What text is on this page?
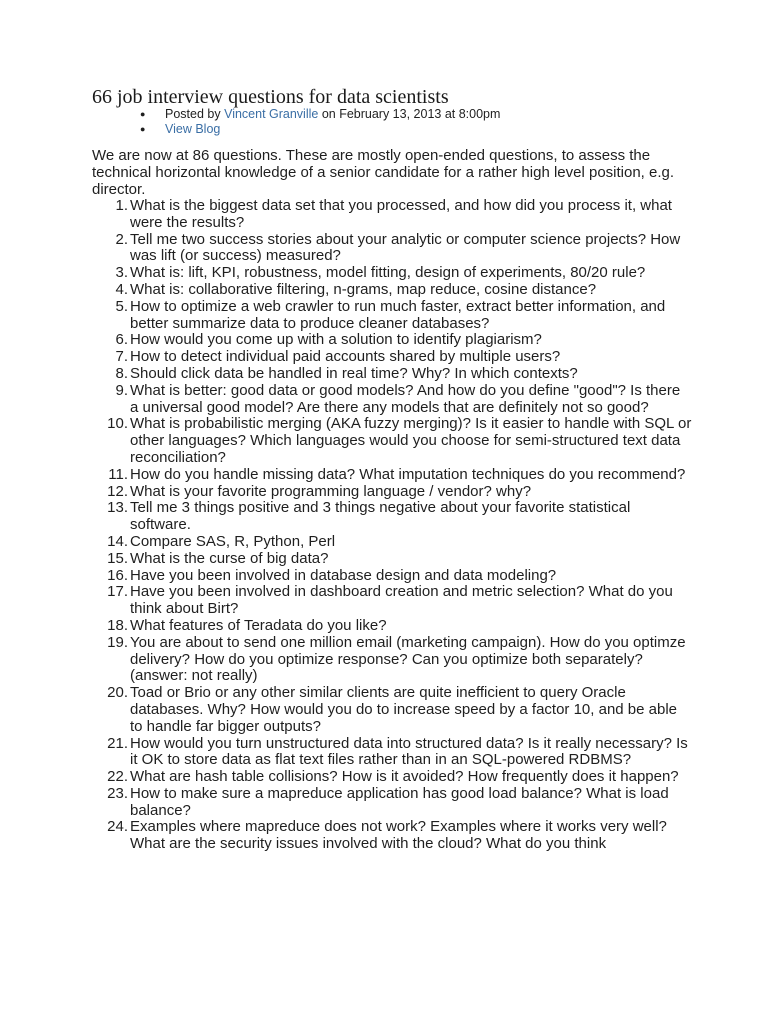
66 job interview questions for data scientists
● Posted by Vincent Granville on February 13, 2013 at 8:00pm
● View Blog

We are now at 86 questions. These are mostly open-ended questions, to assess the technical horizontal knowledge of a senior candidate for a rather high level position, e.g. director.

1. What is the biggest data set that you processed, and how did you process it, what were the results?
2. Tell me two success stories about your analytic or computer science projects? How was lift (or success) measured?
3. What is: lift, KPI, robustness, model fitting, design of experiments, 80/20 rule?
4. What is: collaborative filtering, n-grams, map reduce, cosine distance?
5. How to optimize a web crawler to run much faster, extract better information, and better summarize data to produce cleaner databases?
6. How would you come up with a solution to identify plagiarism?
7. How to detect individual paid accounts shared by multiple users?
8. Should click data be handled in real time? Why? In which contexts?
9. What is better: good data or good models? And how do you define "good"? Is there a universal good model? Are there any models that are definitely not so good?
10. What is probabilistic merging (AKA fuzzy merging)? Is it easier to handle with SQL or other languages? Which languages would you choose for semi-structured text data reconciliation?
11. How do you handle missing data? What imputation techniques do you recommend?
12. What is your favorite programming language / vendor? why?
13. Tell me 3 things positive and 3 things negative about your favorite statistical software.
14. Compare SAS, R, Python, Perl
15. What is the curse of big data?
16. Have you been involved in database design and data modeling?
17. Have you been involved in dashboard creation and metric selection? What do you think about Birt?
18. What features of Teradata do you like?
19. You are about to send one million email (marketing campaign). How do you optimze delivery? How do you optimize response? Can you optimize both separately? (answer: not really)
20. Toad or Brio or any other similar clients are quite inefficient to query Oracle databases. Why? How would you do to increase speed by a factor 10, and be able to handle far bigger outputs?
21. How would you turn unstructured data into structured data? Is it really necessary? Is it OK to store data as flat text files rather than in an SQL-powered RDBMS?
22. What are hash table collisions? How is it avoided? How frequently does it happen?
23. How to make sure a mapreduce application has good load balance? What is load balance?
24. Examples where mapreduce does not work? Examples where it works very well? What are the security issues involved with the cloud? What do you think
